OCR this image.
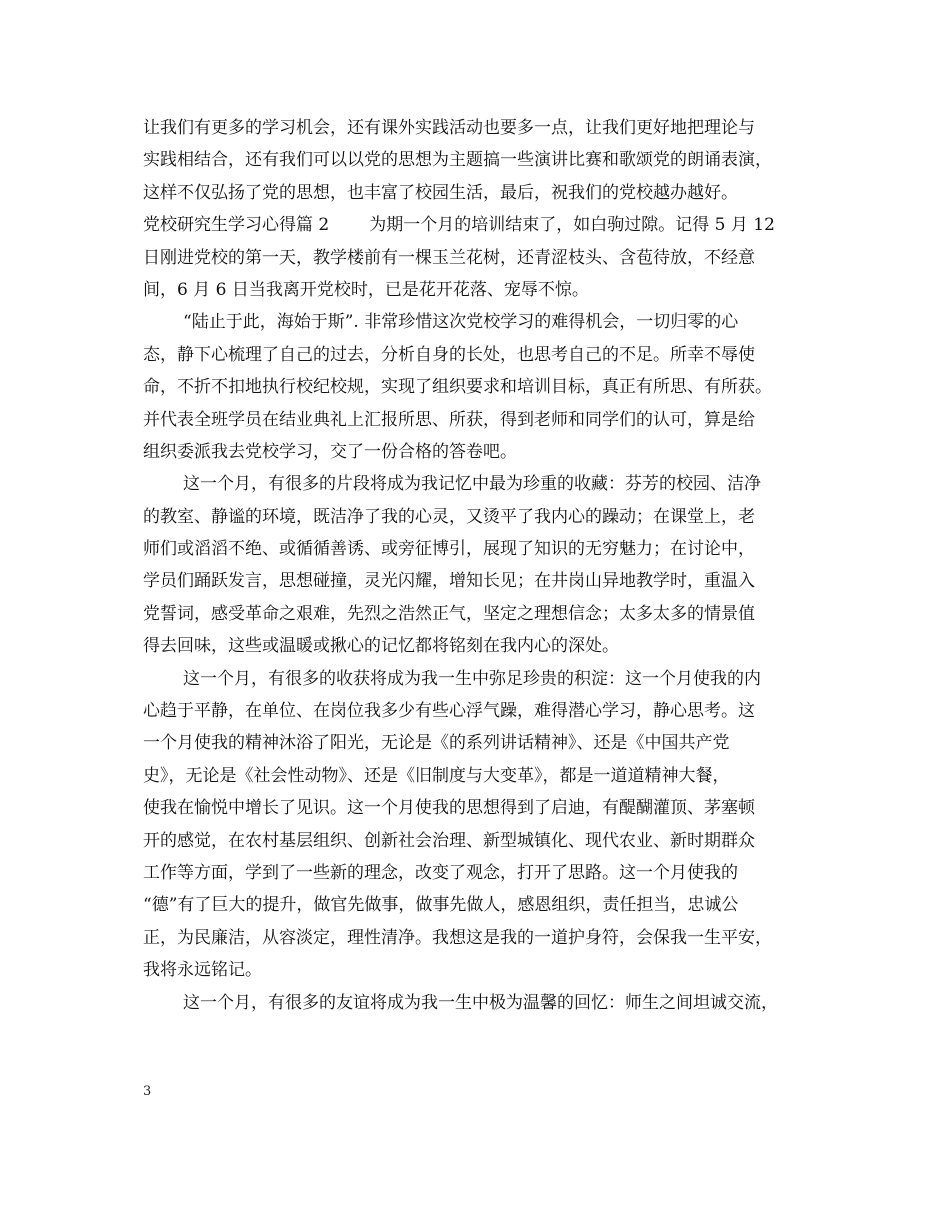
让我们有更多的学习机会，还有课外实践活动也要多一点，让我们更好地把理论与
实践相结合，还有我们可以以党的思想为主题搞一些演讲比赛和歌颂党的朗诵表演，
这样不仅弘扬了党的思想，也丰富了校园生活，最后，祝我们的党校越办越好。
党校研究生学习心得篇 2 为期一个月的培训结束了，如白驹过隙。记得 5 月 12
日刚进党校的第一天，教学楼前有一棵玉兰花树，还青涩枝头、含苞待放，不经意
间，6 月 6 日当我离开党校时，已是花开花落、宠辱不惊。
“陆止于此，海始于斯”. 非常珍惜这次党校学习的难得机会，一切归零的心
态，静下心梳理了自己的过去，分析自身的长处，也思考自己的不足。所幸不辱使
命，不折不扣地执行校纪校规，实现了组织要求和培训目标，真正有所思、有所获。
并代表全班学员在结业典礼上汇报所思、所获，得到老师和同学们的认可，算是给
组织委派我去党校学习，交了一份合格的答卷吧。
这一个月，有很多的片段将成为我记忆中最为珍重的收藏：芬芳的校园、洁净
的教室、静谧的环境，既洁净了我的心灵，又烫平了我内心的躁动；在课堂上，老
师们或滔滔不绝、或循循善诱、或旁征博引，展现了知识的无穷魅力；在讨论中，
学员们踊跃发言，思想碰撞，灵光闪耀，增知长见；在井岗山异地教学时，重温入
党誓词，感受革命之艰难，先烈之浩然正气，坚定之理想信念；太多太多的情景值
得去回味，这些或温暖或揪心的记忆都将铭刻在我内心的深处。
这一个月，有很多的收获将成为我一生中弥足珍贵的积淀：这一个月使我的内
心趋于平静，在单位、在岗位我多少有些心浮气躁，难得潜心学习，静心思考。这
一个月使我的精神沐浴了阳光，无论是《的系列讲话精神》、还是《中国共产党
史》，无论是《社会性动物》、还是《旧制度与大变革》，都是一道道精神大餐，
使我在愉悦中增长了见识。这一个月使我的思想得到了启迪，有醍醐灌顶、茅塞顿
开的感觉，在农村基层组织、创新社会治理、新型城镇化、现代农业、新时期群众
工作等方面，学到了一些新的理念，改变了观念，打开了思路。这一个月使我的
“德”有了巨大的提升，做官先做事，做事先做人，感恩组织，责任担当，忠诚公
正，为民廉洁，从容淡定，理性清净。我想这是我的一道护身符，会保我一生平安，
我将永远铭记。
这一个月，有很多的友谊将成为我一生中极为温馨的回忆：师生之间坦诚交流，
3
